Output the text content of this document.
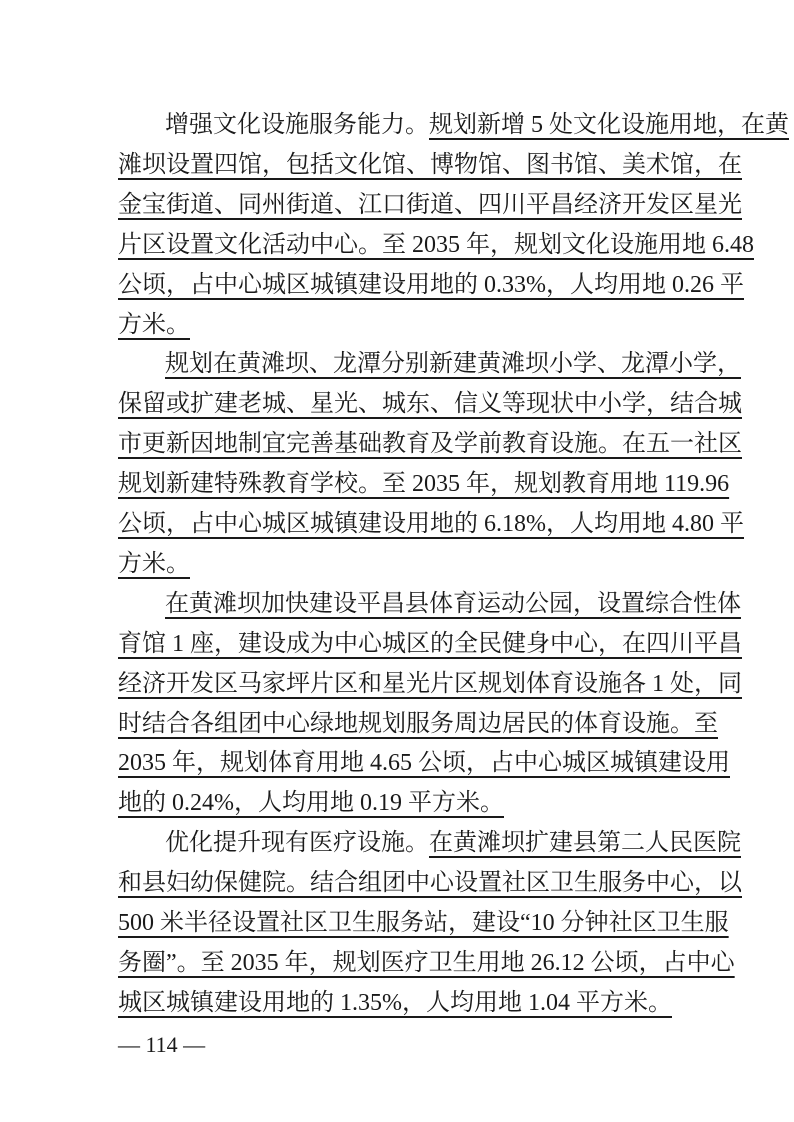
增强文化设施服务能力。规划新增 5 处文化设施用地，在黄
滩坝设置四馆，包括文化馆、博物馆、图书馆、美术馆，在
金宝街道、同州街道、江口街道、四川平昌经济开发区星光
片区设置文化活动中心。至 2035 年，规划文化设施用地 6.48
公顷，占中心城区城镇建设用地的 0.33%，人均用地 0.26 平
方米。
规划在黄滩坝、龙潭分别新建黄滩坝小学、龙潭小学，
保留或扩建老城、星光、城东、信义等现状中小学，结合城
市更新因地制宜完善基础教育及学前教育设施。在五一社区
规划新建特殊教育学校。至 2035 年，规划教育用地 119.96
公顷，占中心城区城镇建设用地的 6.18%，人均用地 4.80 平
方米。
在黄滩坝加快建设平昌县体育运动公园，设置综合性体
育馆 1 座，建设成为中心城区的全民健身中心，在四川平昌
经济开发区马家坪片区和星光片区规划体育设施各 1 处，同
时结合各组团中心绿地规划服务周边居民的体育设施。至
2035 年，规划体育用地 4.65 公顷，占中心城区城镇建设用
地的 0.24%，人均用地 0.19 平方米。
优化提升现有医疗设施。在黄滩坝扩建县第二人民医院
和县妇幼保健院。结合组团中心设置社区卫生服务中心，以
500 米半径设置社区卫生服务站，建设“10 分钟社区卫生服
务圈”。至 2035 年，规划医疗卫生用地 26.12 公顷，占中心
城区城镇建设用地的 1.35%，人均用地 1.04 平方米。
— 114 —
